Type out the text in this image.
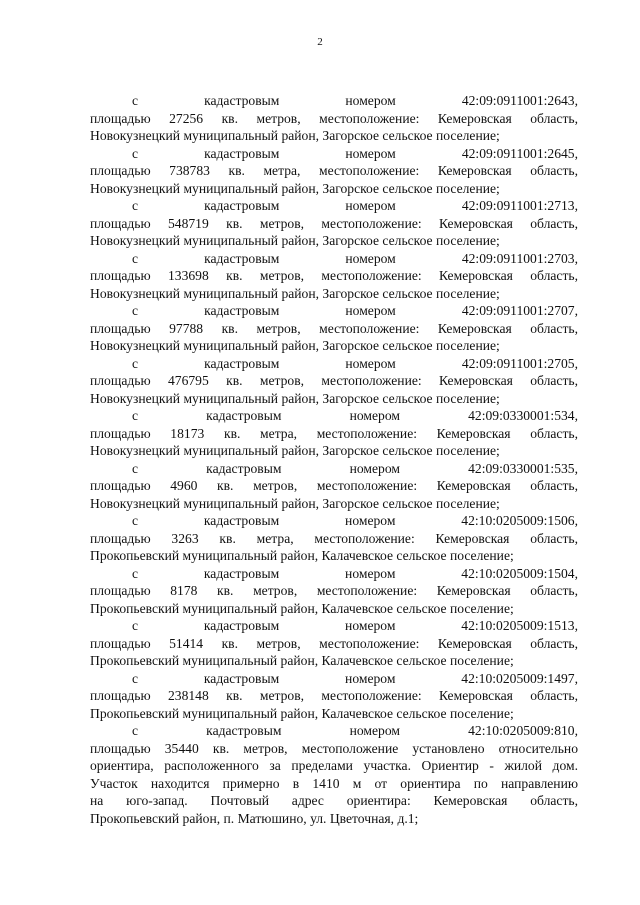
2

с кадастровым номером 42:09:0911001:2643,
площадью 27256 кв. метров, местоположение: Кемеровская область,
Новокузнецкий муниципальный район, Загорское сельское поселение;

с кадастровым номером 42:09:0911001:2645,
площадью 738783 кв. метра, местоположение: Кемеровская область,
Новокузнецкий муниципальный район, Загорское сельское поселение;

с кадастровым номером 42:09:0911001:2713,
площадью 548719 кв. метров, местоположение: Кемеровская область,
Новокузнецкий муниципальный район, Загорское сельское поселение;

с кадастровым номером 42:09:0911001:2703,
площадью 133698 кв. метров, местоположение: Кемеровская область,
Новокузнецкий муниципальный район, Загорское сельское поселение;

с кадастровым номером 42:09:0911001:2707,
площадью 97788 кв. метров, местоположение: Кемеровская область,
Новокузнецкий муниципальный район, Загорское сельское поселение;

с кадастровым номером 42:09:0911001:2705,
площадью 476795 кв. метров, местоположение: Кемеровская область,
Новокузнецкий муниципальный район, Загорское сельское поселение;

с кадастровым номером 42:09:0330001:534,
площадью 18173 кв. метра, местоположение: Кемеровская область,
Новокузнецкий муниципальный район, Загорское сельское поселение;

с кадастровым номером 42:09:0330001:535,
площадью 4960 кв. метров, местоположение: Кемеровская область,
Новокузнецкий муниципальный район, Загорское сельское поселение;

с кадастровым номером 42:10:0205009:1506,
площадью 3263 кв. метра, местоположение: Кемеровская область,
Прокопьевский муниципальный район, Калачевское сельское поселение;

с кадастровым номером 42:10:0205009:1504,
площадью 8178 кв. метров, местоположение: Кемеровская область,
Прокопьевский муниципальный район, Калачевское сельское поселение;

с кадастровым номером 42:10:0205009:1513,
площадью 51414 кв. метров, местоположение: Кемеровская область,
Прокопьевский муниципальный район, Калачевское сельское поселение;

с кадастровым номером 42:10:0205009:1497,
площадью 238148 кв. метров, местоположение: Кемеровская область,
Прокопьевский муниципальный район, Калачевское сельское поселение;

с кадастровым номером 42:10:0205009:810,
площадью 35440 кв. метров, местоположение установлено относительно
ориентира, расположенного за пределами участка. Ориентир - жилой дом.
Участок находится примерно в 1410 м от ориентира по направлению
на юго-запад. Почтовый адрес ориентира: Кемеровская область,
Прокопьевский район, п. Матюшино, ул. Цветочная, д.1;
